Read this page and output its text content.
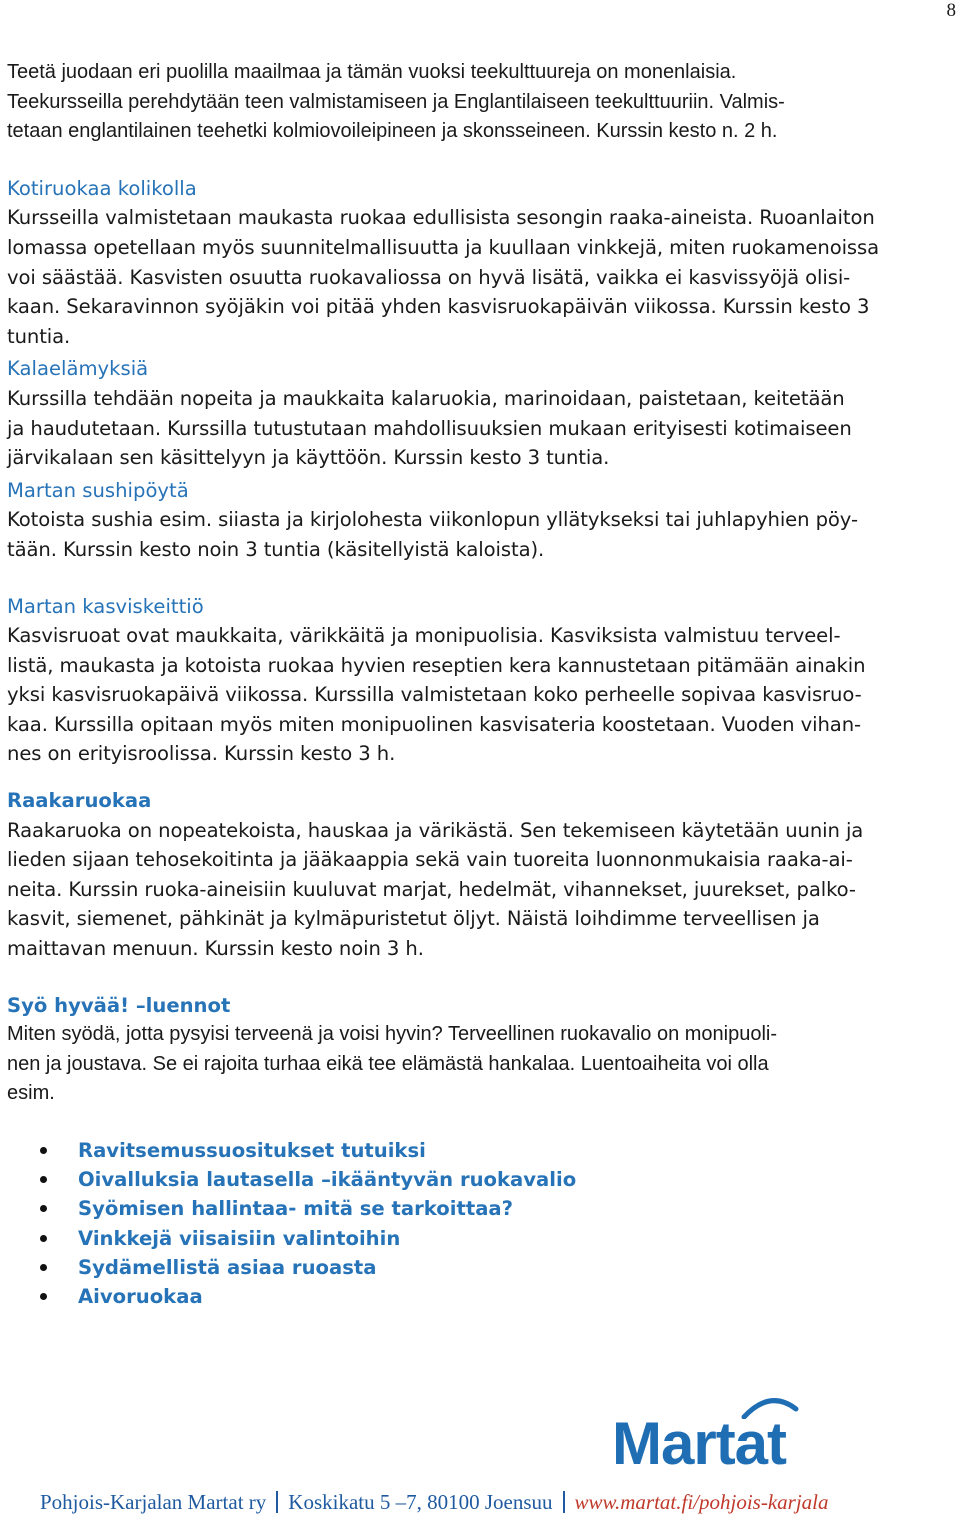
8

Teetä juodaan eri puolilla maailmaa ja tämän vuoksi teekulttuureja on monenlaisia.

Teekursseilla perehdytään teen valmistamiseen ja Englantilaiseen teekulttuuriin. Valmis-

tetaan englantilainen teehetki kolmiovoileipineen ja skonsseineen. Kurssin kesto n. 2 h.

Kotiruokaa kolikolla

Kursseilla valmistetaan maukasta ruokaa edullisista sesongin raaka-aineista. Ruoanlaiton

lomassa opetellaan myös suunnitelmallisuutta ja kuullaan vinkkejä, miten ruokamenoissa

voi säästää. Kasvisten osuutta ruokavaliossa on hyvä lisätä, vaikka ei kasvissyöjä olisi-

kaan. Sekaravinnon syöjäkin voi pitää yhden kasvisruokapäivän viikossa. Kurssin kesto 3

tuntia.

Kalaelämyksiä

Kurssilla tehdään nopeita ja maukkaita kalaruokia, marinoidaan, paistetaan, keitetään

ja haudutetaan. Kurssilla tutustutaan mahdollisuuksien mukaan erityisesti kotimaiseen

järvikalaan sen käsittelyyn ja käyttöön. Kurssin kesto 3 tuntia.

Martan sushipöytä

Kotoista sushia esim. siiasta ja kirjolohesta viikonlopun yllätykseksi tai juhlapyhien pöy-

tään. Kurssin kesto noin 3 tuntia (käsitellyistä kaloista).

Martan kasviskeittiö

Kasvisruoat ovat maukkaita, värikkäitä ja monipuolisia. Kasviksista valmistuu terveel-

listä, maukasta ja kotoista ruokaa hyvien reseptien kera kannustetaan pitämään ainakin

yksi kasvisruokapäivä viikossa. Kurssilla valmistetaan koko perheelle sopivaa kasvisruo-

kaa. Kurssilla opitaan myös miten monipuolinen kasvisateria koostetaan. Vuoden vihan-

nes on erityisroolissa. Kurssin kesto 3 h.

Raakaruokaa

Raakaruoka on nopeatekoista, hauskaa ja värikästä. Sen tekemiseen käytetään uunin ja

lieden sijaan tehosekoitinta ja jääkaappia sekä vain tuoreita luonnonmukaisia raaka-ai-

neita. Kurssin ruoka-aineisiin kuuluvat marjat, hedelmät, vihannekset, juurekset, palko-

kasvit, siemenet, pähkinät ja kylmäpuristetut öljyt. Näistä loihdimme terveellisen ja

maittavan menuun. Kurssin kesto noin 3 h.

Syö hyvää! –luennot

Miten syödä, jotta pysyisi terveenä ja voisi hyvin? Terveellinen ruokavalio on monipuoli-

nen ja joustava. Se ei rajoita turhaa eikä tee elämästä hankalaa. Luentoaiheita voi olla

esim.

Ravitsemussuositukset tutuiksi
Oivalluksia lautasella –ikääntyvän ruokavalio
Syömisen hallintaa- mitä se tarkoittaa?
Vinkkejä viisaisiin valintoihin
Sydämellistä asiaa ruoasta
Aivoruokaa
Martat
Pohjois-Karjalan Martat ry Koskikatu 5 –7, 80100 Joensuu www.martat.fi/pohjois-karjala
